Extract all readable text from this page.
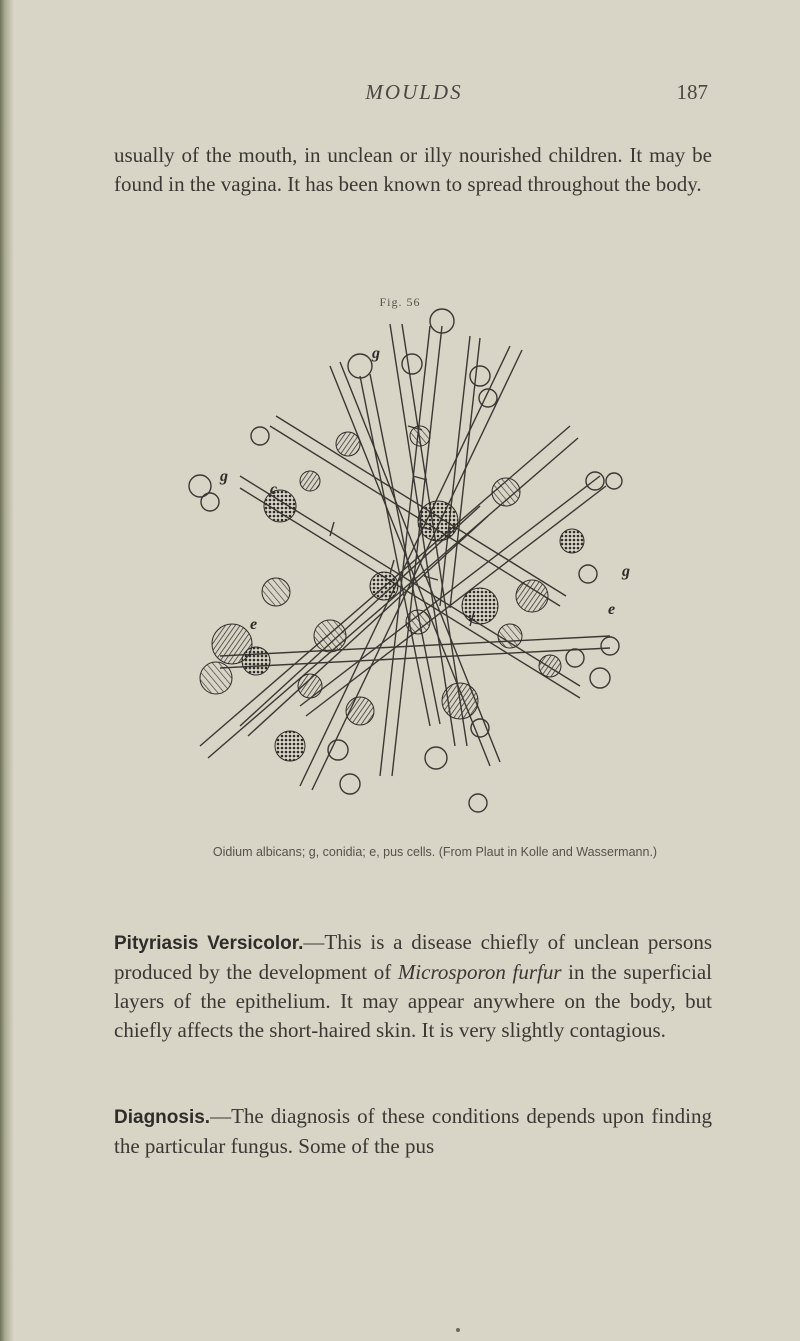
MOULDS	187

usually of the mouth, in unclean or illy nourished children. It may be found in the vagina. It has been known to spread throughout the body.

Fig. 56
g
g
g
c
e
e
Oidium albicans; g, conidia; e, pus cells. (From Plaut in Kolle and Wassermann.)

Pityriasis Versicolor.—This is a disease chiefly of unclean persons produced by the development of Microsporon furfur in the superficial layers of the epithelium. It may appear anywhere on the body, but chiefly affects the short-haired skin. It is very slightly contagious.

Diagnosis.—The diagnosis of these conditions depends upon finding the particular fungus. Some of the pus
